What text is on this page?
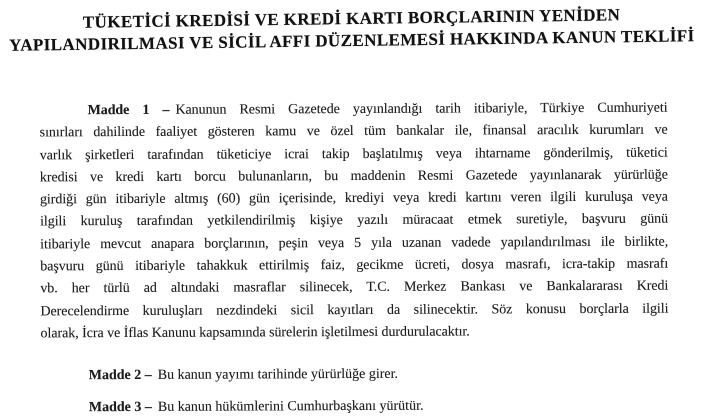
TÜKETİCİ KREDİSİ VE KREDİ KARTI BORÇLARININ YENİDEN
YAPILANDIRILMASI VE SİCİL AFFI DÜZENLEMESİ HAKKINDA KANUN TEKLİFİ
Madde 1 – Kanunun Resmi Gazetede yayınlandığı tarih itibariyle, Türkiye Cumhuriyeti
sınırları dahilinde faaliyet gösteren kamu ve özel tüm bankalar ile, finansal aracılık kurumları ve
varlık şirketleri tarafından tüketiciye icrai takip başlatılmış veya ihtarname gönderilmiş, tüketici
kredisi ve kredi kartı borcu bulunanların, bu maddenin Resmi Gazetede yayınlanarak yürürlüğe
girdiği gün itibariyle altmış (60) gün içerisinde, krediyi veya kredi kartını veren ilgili kuruluşa veya
ilgili kuruluş tarafından yetkilendirilmiş kişiye yazılı müracaat etmek suretiyle, başvuru günü
itibariyle mevcut anapara borçlarının, peşin veya 5 yıla uzanan vadede yapılandırılması ile birlikte,
başvuru günü itibariyle tahakkuk ettirilmiş faiz, gecikme ücreti, dosya masrafı, icra-takip masrafı
vb. her türlü ad altındaki masraflar silinecek, T.C. Merkez Bankası ve Bankalararası Kredi
Derecelendirme kuruluşları nezdindeki sicil kayıtları da silinecektir. Söz konusu borçlarla ilgili
olarak, İcra ve İflas Kanunu kapsamında sürelerin işletilmesi durdurulacaktır.
Madde 2 – Bu kanun yayımı tarihinde yürürlüğe girer.
Madde 3 – Bu kanun hükümlerini Cumhurbaşkanı yürütür.
